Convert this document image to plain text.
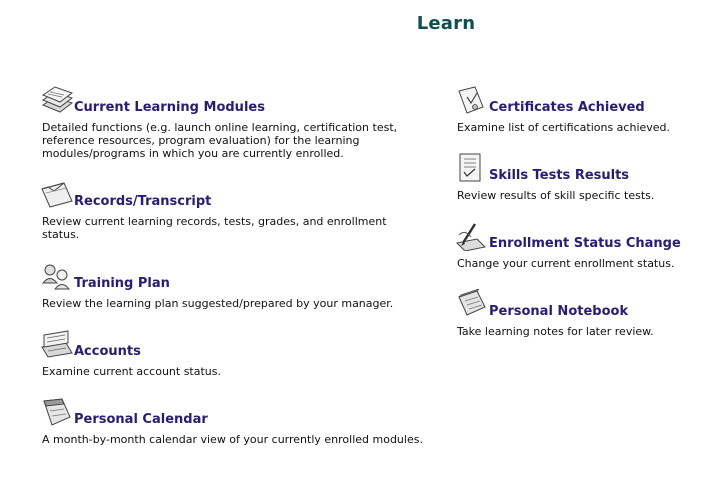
Learn
Current Learning Modules
Detailed functions (e.g. launch online learning, certification test, reference resources, program evaluation) for the learning modules/programs in which you are currently enrolled.
Records/Transcript
Review current learning records, tests, grades, and enrollment status.
Training Plan
Review the learning plan suggested/prepared by your manager.
Accounts
Examine current account status.
Personal Calendar
A month-by-month calendar view of your currently enrolled modules.
Certificates Achieved
Examine list of certifications achieved.
Skills Tests Results
Review results of skill specific tests.
Enrollment Status Change
Change your current enrollment status.
Personal Notebook
Take learning notes for later review.
